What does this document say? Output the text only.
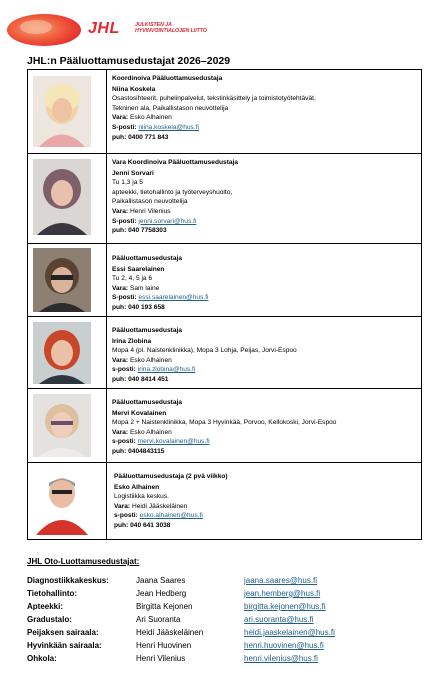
JHL	JULKISTEN JA
HYVINVOINTIALOJEN LIITTO
JHL:n Pääluottamusedustajat 2026–2029
Koordinoiva Pääluottamusedustaja
Niina Koskela
Osastosihteerit, puhelinpalvelut, tekstinkäsittely ja toimistotyötehtävät,
Tekninen ala, Paikallistason neuvottelija
Vara: Esko Alhainen
S-posti: niina.koskela@hus.fi
puh: 0400 771 843
Vara Koordinoiva Pääluottamusedustaja
Jenni Sorvari
Tu 1,3 ja 5
apteekki, tietohallinto ja työterveyshuolto,
Paikallistason neuvottelija
Vara: Henri Vilenius
S-posti: jenni.sorvari@hus.fi
puh: 040 7758303
Pääluottamusedustaja
Essi Saarelainen
Tu 2, 4, 5 ja 6
Vara: Sam laine
S-posti: essi.saarelainen@hus.fi
puh: 040 193 658
Pääluottamusedustaja
Irina Zlobina
Mopa 4 (pl. Naistenklinikka), Mopa 3 Lohja, Peijas, Jorvi-Espoo
Vara: Esko Alhainen
s-posti: irina.zlobina@hus.fi
puh: 040 8414 451
Pääluottamusedustaja
Mervi Kovalainen
Mopa 2 + Naistenklinikka, Mopa 3 Hyvinkää, Porvoo, Kellokoski, Jorvi-Espoo
Vara: Esko Alhainen
s-posti: mervi.kovalainen@hus.fi
puh: 0404843115
Pääluottamusedustaja (2 pvä viikko)
Esko Alhainen
Logistiikka keskus.
Vara: Heidi Jääskeläinen
s-posti: esko.alhainen@hus.fi
puh: 040 641 3038
JHL Oto-Luottamusedustajat:
Diagnostiikkakeskus:	Jaana Saares	jaana.saares@hus.fi
Tietohallinto:	Jean Hedberg	jean.hemberg@hus.fi
Apteekki:	Birgitta Kejonen	birgitta.kejonen@hus.fi
Gradustalo:	Ari Suoranta	ari.suoranta@hus.fi
Peijaksen sairaala:	Heidi Jääskeläinen	heidi.jaaskelainen@hus.fi
Hyvinkään sairaala:	Henri Huovinen	henri.huovinen@hus.fi
Ohkola:	Henri Vilenius	henri.vilenius@hus.fi
